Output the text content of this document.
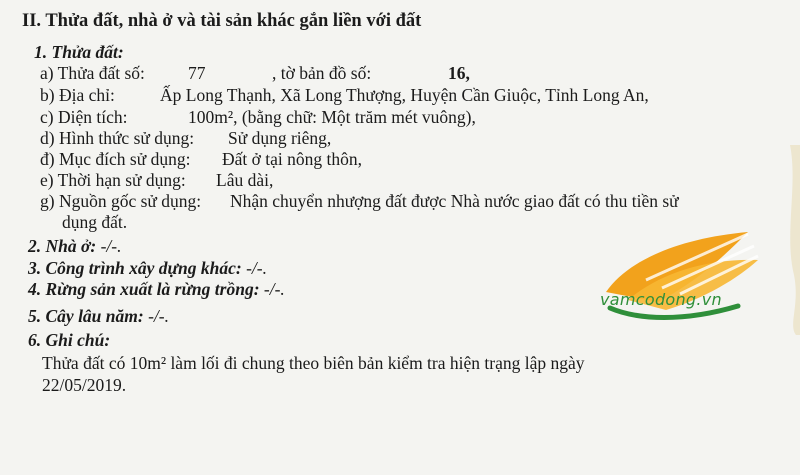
II. Thửa đất, nhà ở và tài sản khác gắn liền với đất
1. Thửa đất:
a) Thửa đất số: 77	, tờ bản đồ số:	16,
b) Địa chỉ:	Ấp Long Thạnh, Xã Long Thượng, Huyện Cần Giuộc, Tỉnh Long An,
c) Diện tích:	100m², (bằng chữ: Một trăm mét vuông),
d) Hình thức sử dụng: Sử dụng riêng,
đ) Mục đích sử dụng: Đất ở tại nông thôn,
e) Thời hạn sử dụng: Lâu dài,
g) Nguồn gốc sử dụng: Nhận chuyển nhượng đất được Nhà nước giao đất có thu tiền sử
dụng đất.
2. Nhà ở: -/-.
3. Công trình xây dựng khác: -/-.
4. Rừng sản xuất là rừng trồng: -/-.
5. Cây lâu năm: -/-.
6. Ghi chú:
Thửa đất có 10m² làm lối đi chung theo biên bản kiểm tra hiện trạng lập ngày
22/05/2019.
vamcodong.vn
